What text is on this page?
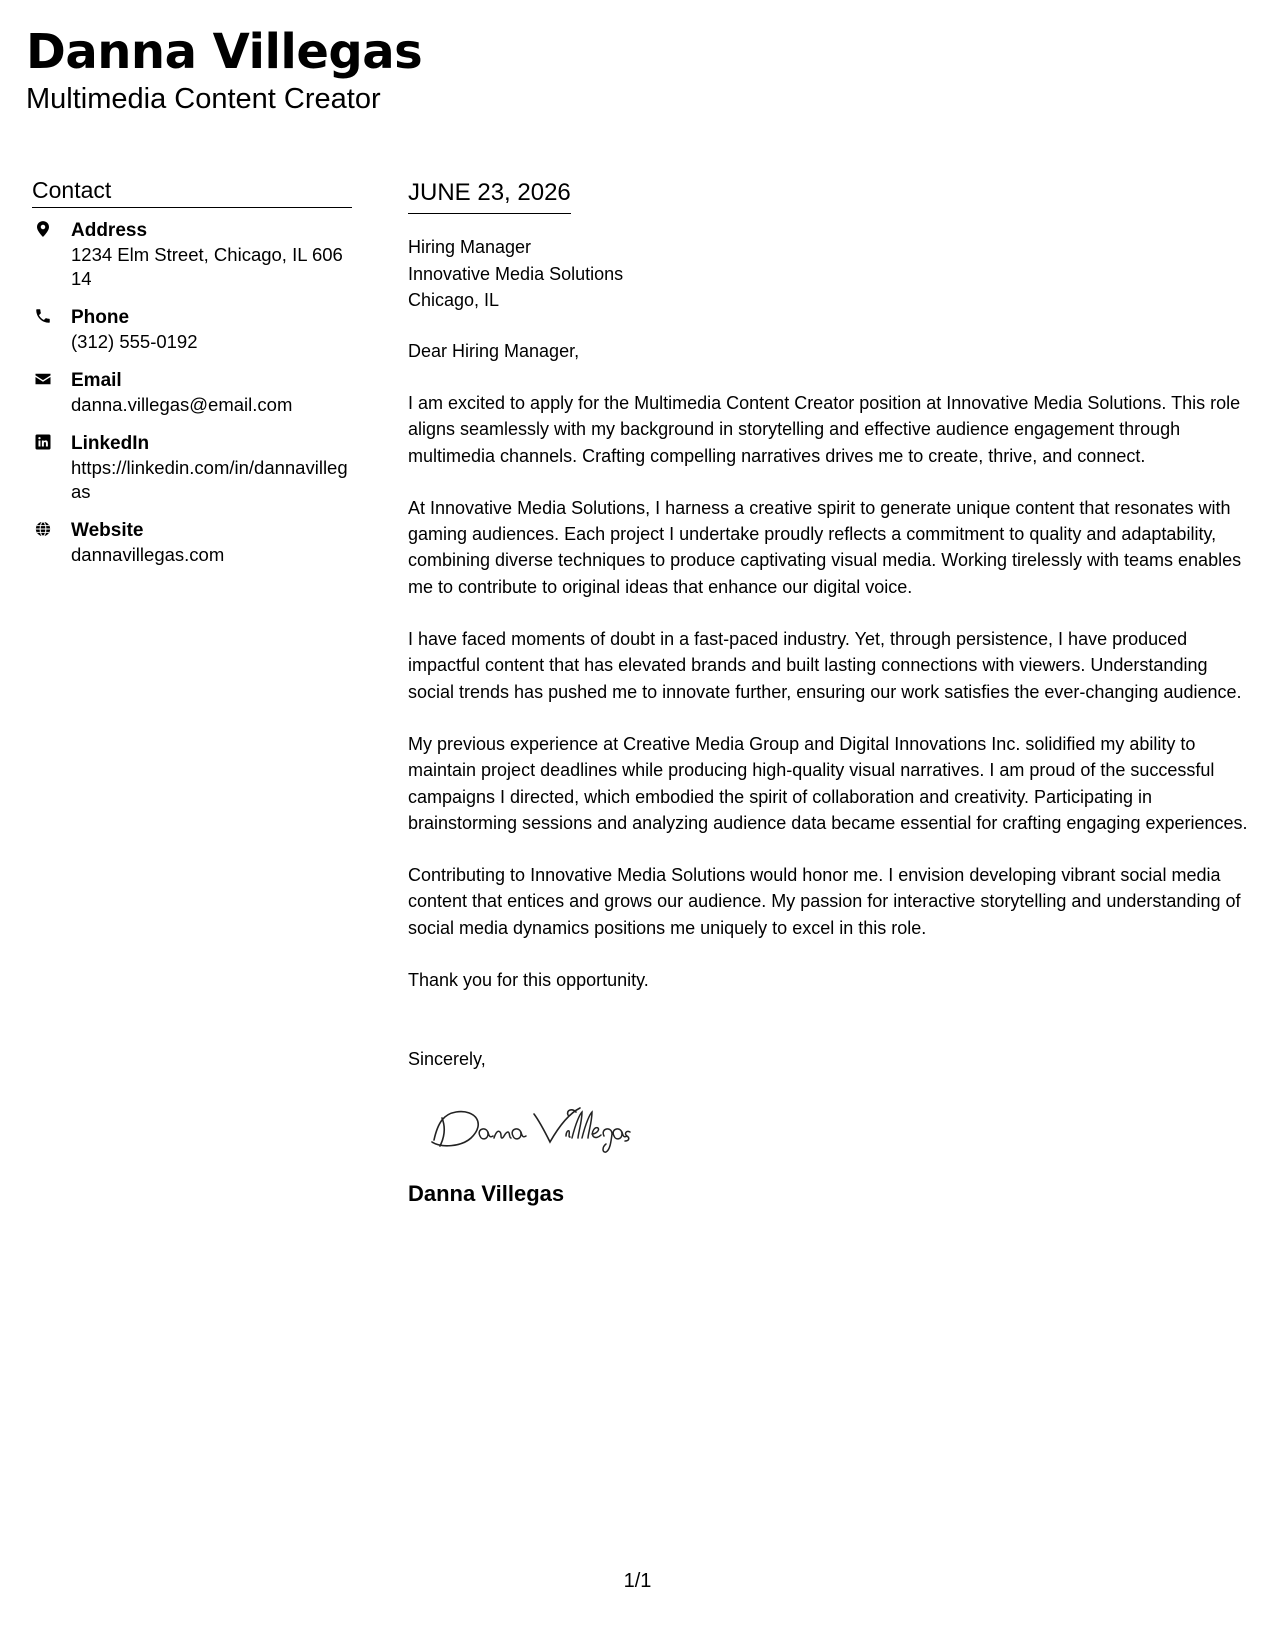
Danna Villegas
Multimedia Content Creator
Contact
Address
1234 Elm Street, Chicago, IL 60614
Phone
(312) 555-0192
Email
danna.villegas@email.com
LinkedIn
https://linkedin.com/in/dannavillegas
Website
dannavillegas.com
JUNE 23, 2026

Hiring Manager

Innovative Media Solutions

Chicago, IL

Dear Hiring Manager,

I am excited to apply for the Multimedia Content Creator position at Innovative Media Solutions. This role aligns seamlessly with my background in storytelling and effective audience engagement through multimedia channels. Crafting compelling narratives drives me to create, thrive, and connect.

At Innovative Media Solutions, I harness a creative spirit to generate unique content that resonates with gaming audiences. Each project I undertake proudly reflects a commitment to quality and adaptability, combining diverse techniques to produce captivating visual media. Working tirelessly with teams enables me to contribute to original ideas that enhance our digital voice.

I have faced moments of doubt in a fast-paced industry. Yet, through persistence, I have produced impactful content that has elevated brands and built lasting connections with viewers. Understanding social trends has pushed me to innovate further, ensuring our work satisfies the ever-changing audience.

My previous experience at Creative Media Group and Digital Innovations Inc. solidified my ability to maintain project deadlines while producing high-quality visual narratives. I am proud of the successful campaigns I directed, which embodied the spirit of collaboration and creativity. Participating in brainstorming sessions and analyzing audience data became essential for crafting engaging experiences.

Contributing to Innovative Media Solutions would honor me. I envision developing vibrant social media content that entices and grows our audience. My passion for interactive storytelling and understanding of social media dynamics positions me uniquely to excel in this role.

Thank you for this opportunity.

Sincerely,

Danna Villegas

1/1
